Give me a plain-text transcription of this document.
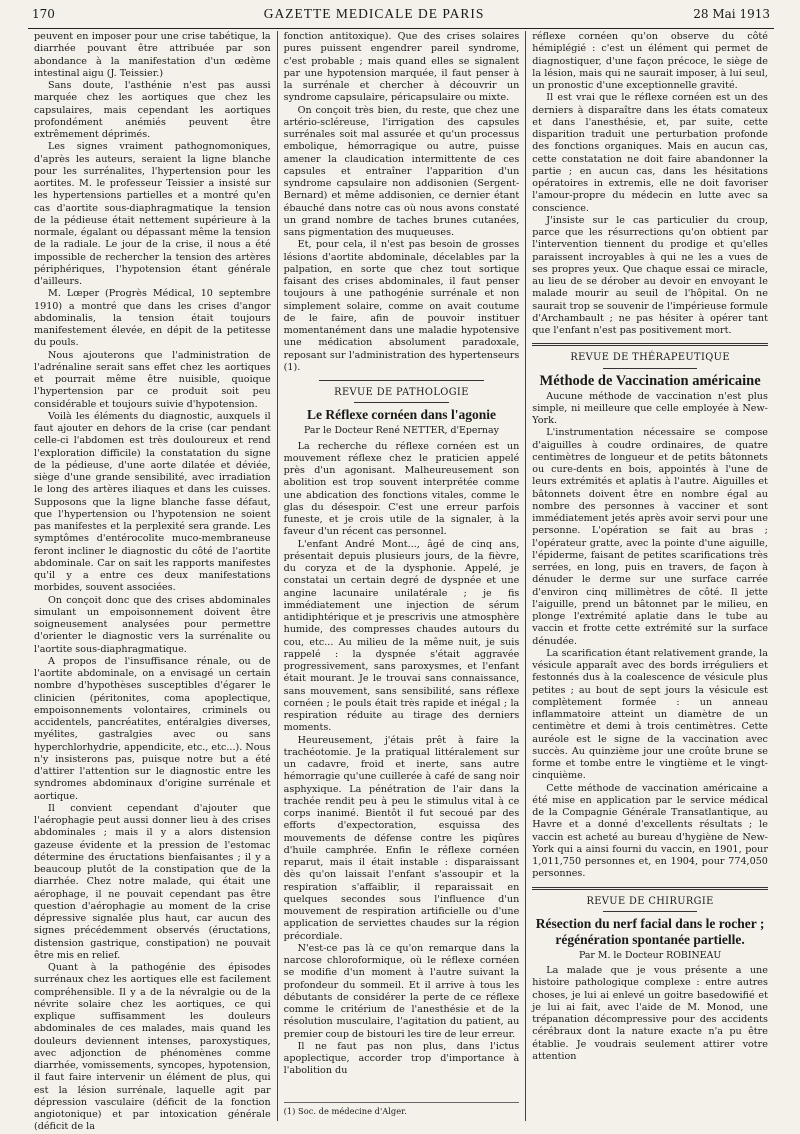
170	GAZETTE MEDICALE DE PARIS	28 Mai 1913

peuvent en imposer pour une crise tabétique, la diarrhée pouvant être attribuée par son abondance à la manifestation d'un œdème intestinal aigu (J. Teissier.)

Sans doute, l'asthénie n'est pas aussi marquée chez les aortiques que chez les capsulaires, mais cependant les aortiques profondément anémiés peuvent être extrêmement déprimés.

Les signes vraiment pathognomoniques, d'après les auteurs, seraient la ligne blanche pour les surrénalites, l'hypertension pour les aortites. M. le professeur Teissier a insisté sur les hypertensions partielles et a montré qu'en cas d'aortite sous-diaphragmatique la tension de la pédieuse était nettement supérieure à la normale, égalant ou dépassant même la tension de la radiale. Le jour de la crise, il nous a été impossible de rechercher la tension des artères périphériques, l'hypotension étant générale d'ailleurs.

M. Lœper (Progrès Médical, 10 septembre 1910) a montré que dans les crises d'angor abdominalis, la tension était toujours manifestement élevée, en dépit de la petitesse du pouls.

Nous ajouterons que l'administration de l'adrénaline serait sans effet chez les aortiques et pourrait même être nuisible, quoique l'hypertension par ce produit soit peu considérable et toujours suivie d'hypotension.

Voilà les éléments du diagnostic, auxquels il faut ajouter en dehors de la crise (car pendant celle-ci l'abdomen est très douloureux et rend l'exploration difficile) la constatation du signe de la pédieuse, d'une aorte dilatée et déviée, siège d'une grande sensibilité, avec irradiation le long des artères iliaques et dans les cuisses. Supposons que la ligne blanche fasse défaut, que l'hypertension ou l'hypotension ne soient pas manifestes et la perplexité sera grande. Les symptômes d'entérocolite muco-membraneuse feront incliner le diagnostic du côté de l'aortite abdominale. Car on sait les rapports manifestes qu'il y a entre ces deux manifestations morbides, souvent associées.

On conçoit donc que des crises abdominales simulant un empoisonnement doivent être soigneusement analysées pour permettre d'orienter le diagnostic vers la surrénalite ou l'aortite sous-diaphragmatique.

A propos de l'insuffisance rénale, ou de l'aortite abdominale, on a envisagé un certain nombre d'hypothèses susceptibles d'égarer le clinicien (péritonites, coma apoplectique, empoisonnements volontaires, criminels ou accidentels, pancréatites, entéralgies diverses, myélites, gastralgies avec ou sans hyperchlorhydrie, appendicite, etc., etc...). Nous n'y insisterons pas, puisque notre but a été d'attirer l'attention sur le diagnostic entre les syndromes abdominaux d'origine surrénale et aortique.

Il convient cependant d'ajouter que l'aérophagie peut aussi donner lieu à des crises abdominales ; mais il y a alors distension gazeuse évidente et la pression de l'estomac détermine des éructations bienfaisantes ; il y a beaucoup plutôt de la constipation que de la diarrhée. Chez notre malade, qui était une aérophage, il ne pouvait cependant pas être question d'aérophagie au moment de la crise dépressive signalée plus haut, car aucun des signes précédemment observés (éructations, distension gastrique, constipation) ne pouvait être mis en relief.

Quant à la pathogénie des épisodes surrénaux chez les aortiques elle est facilement compréhensible. Il y a de la névralgie ou de la névrite solaire chez les aortiques, ce qui explique suffisamment les douleurs abdominales de ces malades, mais quand les douleurs deviennent intenses, paroxystiques, avec adjonction de phénomènes comme diarrhée, vomissements, syncopes, hypotension, il faut faire intervenir un élément de plus, qui est la lésion surrénale, laquelle agit par dépression vasculaire (déficit de la fonction angiotonique) et par intoxication générale (déficit de la

fonction antitoxique). Que des crises solaires pures puissent engendrer pareil syndrome, c'est probable ; mais quand elles se signalent par une hypotension marquée, il faut penser à la surrénale et chercher à découvrir un syndrome capsulaire, péricapsulaire ou mixte.

On conçoit très bien, du reste, que chez une artério-scléreuse, l'irrigation des capsules surrénales soit mal assurée et qu'un processus embolique, hémorragique ou autre, puisse amener la claudication intermittente de ces capsules et entraîner l'apparition d'un syndrome capsulaire non addisonien (Sergent-Bernard) et même addisonien, ce dernier étant ébauché dans notre cas où nous avons constaté un grand nombre de taches brunes cutanées, sans pigmentation des muqueuses.

Et, pour cela, il n'est pas besoin de grosses lésions d'aortite abdominale, décelables par la palpation, en sorte que chez tout sortique faisant des crises abdominales, il faut penser toujours à une pathogénie surrénale et non simplement solaire, comme on avait coutume de le faire, afin de pouvoir instituer momentanément dans une maladie hypotensive une médication absolument paradoxale, reposant sur l'administration des hypertenseurs (1).

REVUE DE PATHOLOGIE
Le Réflexe cornéen dans l'agonie
Par le Docteur René NETTER, d'Epernay

La recherche du réflexe cornéen est un mouvement réflexe chez le praticien appelé près d'un agonisant. Malheureusement son abolition est trop souvent interprétée comme une abdication des fonctions vitales, comme le glas du désespoir. C'est une erreur parfois funeste, et je crois utile de la signaler, à la faveur d'un récent cas personnel.

L'enfant André Mont..., âgé de cinq ans, présentait depuis plusieurs jours, de la fièvre, du coryza et de la dysphonie. Appelé, je constatai un certain degré de dyspnée et une angine lacunaire unilatérale ; je fis immédiatement une injection de sérum antidiphtérique et je prescrivis une atmosphère humide, des compresses chaudes autours du cou, etc... Au milieu de la même nuit, je suis rappelé : la dyspnée s'était aggravée progressivement, sans paroxysmes, et l'enfant était mourant. Je le trouvai sans connaissance, sans mouvement, sans sensibilité, sans réflexe cornéen ; le pouls était très rapide et inégal ; la respiration réduite au tirage des derniers moments.

Heureusement, j'étais prêt à faire la trachéotomie. Je la pratiqual littéralement sur un cadavre, froid et inerte, sans autre hémorragie qu'une cuillerée à café de sang noir asphyxique. La pénétration de l'air dans la trachée rendit peu à peu le stimulus vital à ce corps inanimé. Bientôt il fut secoué par des efforts d'expectoration, esquissa des mouvements de défense contre les piqûres d'huile camphrée. Enfin le réflexe cornéen reparut, mais il était instable : disparaissant dès qu'on laissait l'enfant s'assoupir et la respiration s'affaiblir, il reparaissait en quelques secondes sous l'influence d'un mouvement de respiration artificielle ou d'une application de serviettes chaudes sur la région précordiale.

N'est-ce pas là ce qu'on remarque dans la narcose chloroformique, où le réflexe cornéen se modifie d'un moment à l'autre suivant la profondeur du sommeil. Et il arrive à tous les débutants de considérer la perte de ce réflexe comme le critérium de l'anesthésie et de la résolution musculaire, l'agitation du patient, au premier coup de bistouri les tire de leur erreur.

Il ne faut pas non plus, dans l'ictus apoplectique, accorder trop d'importance à l'abolition du

(1) Soc. de médecine d'Alger.

réflexe cornéen qu'on observe du côté hémiplégié : c'est un élément qui permet de diagnostiquer, d'une façon précoce, le siège de la lésion, mais qui ne saurait imposer, à lui seul, un pronostic d'une exceptionnelle gravité.

Il est vrai que le réflexe cornéen est un des derniers à disparaître dans les états comateux et dans l'anesthésie, et, par suite, cette disparition traduit une perturbation profonde des fonctions organiques. Mais en aucun cas, cette constatation ne doit faire abandonner la partie ; en aucun cas, dans les hésitations opératoires in extremis, elle ne doit favoriser l'amour-propre du médecin en lutte avec sa conscience.

J'insiste sur le cas particulier du croup, parce que les résurrections qu'on obtient par l'intervention tiennent du prodige et qu'elles paraissent incroyables à qui ne les a vues de ses propres yeux. Que chaque essai ce miracle, au lieu de se dérober au devoir en envoyant le malade mourir au seuil de l'hôpital. On ne saurait trop se souvenir de l'impérieuse formule d'Archambault ; ne pas hésiter à opérer tant que l'enfant n'est pas positivement mort.

REVUE DE THÉRAPEUTIQUE
Méthode de Vaccination américaine

Aucune méthode de vaccination n'est plus simple, ni meilleure que celle employée à New-York.

L'instrumentation nécessaire se compose d'aiguilles à coudre ordinaires, de quatre centimètres de longueur et de petits bâtonnets ou cure-dents en bois, appointés à l'une de leurs extrémités et aplatis à l'autre. Aiguilles et bâtonnets doivent être en nombre égal au nombre des personnes à vacciner et sont immédiatement jetés après avoir servi pour une personne. L'opération se fait au bras ; l'opérateur gratte, avec la pointe d'une aiguille, l'épiderme, faisant de petites scarifications très serrées, en long, puis en travers, de façon à dénuder le derme sur une surface carrée d'environ cinq millimètres de côté. Il jette l'aiguille, prend un bâtonnet par le milieu, en plonge l'extrémité aplatie dans le tube au vaccin et frotte cette extrémité sur la surface dénudée.

La scarification étant relativement grande, la vésicule apparaît avec des bords irréguliers et festonnés dus à la coalescence de vésicule plus petites ; au bout de sept jours la vésicule est complètement formée : un anneau inflammatoire atteint un diamètre de un centimètre et demi à trois centimètres. Cette auréole est le signe de la vaccination avec succès. Au quinzième jour une croûte brune se forme et tombe entre le vingtième et le vingt-cinquième.

Cette méthode de vaccination américaine a été mise en application par le service médical de la Compagnie Générale Transatlantique, au Havre et a donné d'excellents résultats ; le vaccin est acheté au bureau d'hygiène de New-York qui a ainsi fourni du vaccin, en 1901, pour 1,011,750 personnes et, en 1904, pour 774,050 personnes.

REVUE DE CHIRURGIE
Résection du nerf facial dans le rocher ; régénération spontanée partielle.
Par M. le Docteur ROBINEAU

La malade que je vous présente a une histoire pathologique complexe : entre autres choses, je lui ai enlevé un goitre basedowifié et je lui ai fait, avec l'aide de M. Monod, une trépanation décompressive pour des accidents cérébraux dont la nature exacte n'a pu être établie. Je voudrais seulement attirer votre attention
